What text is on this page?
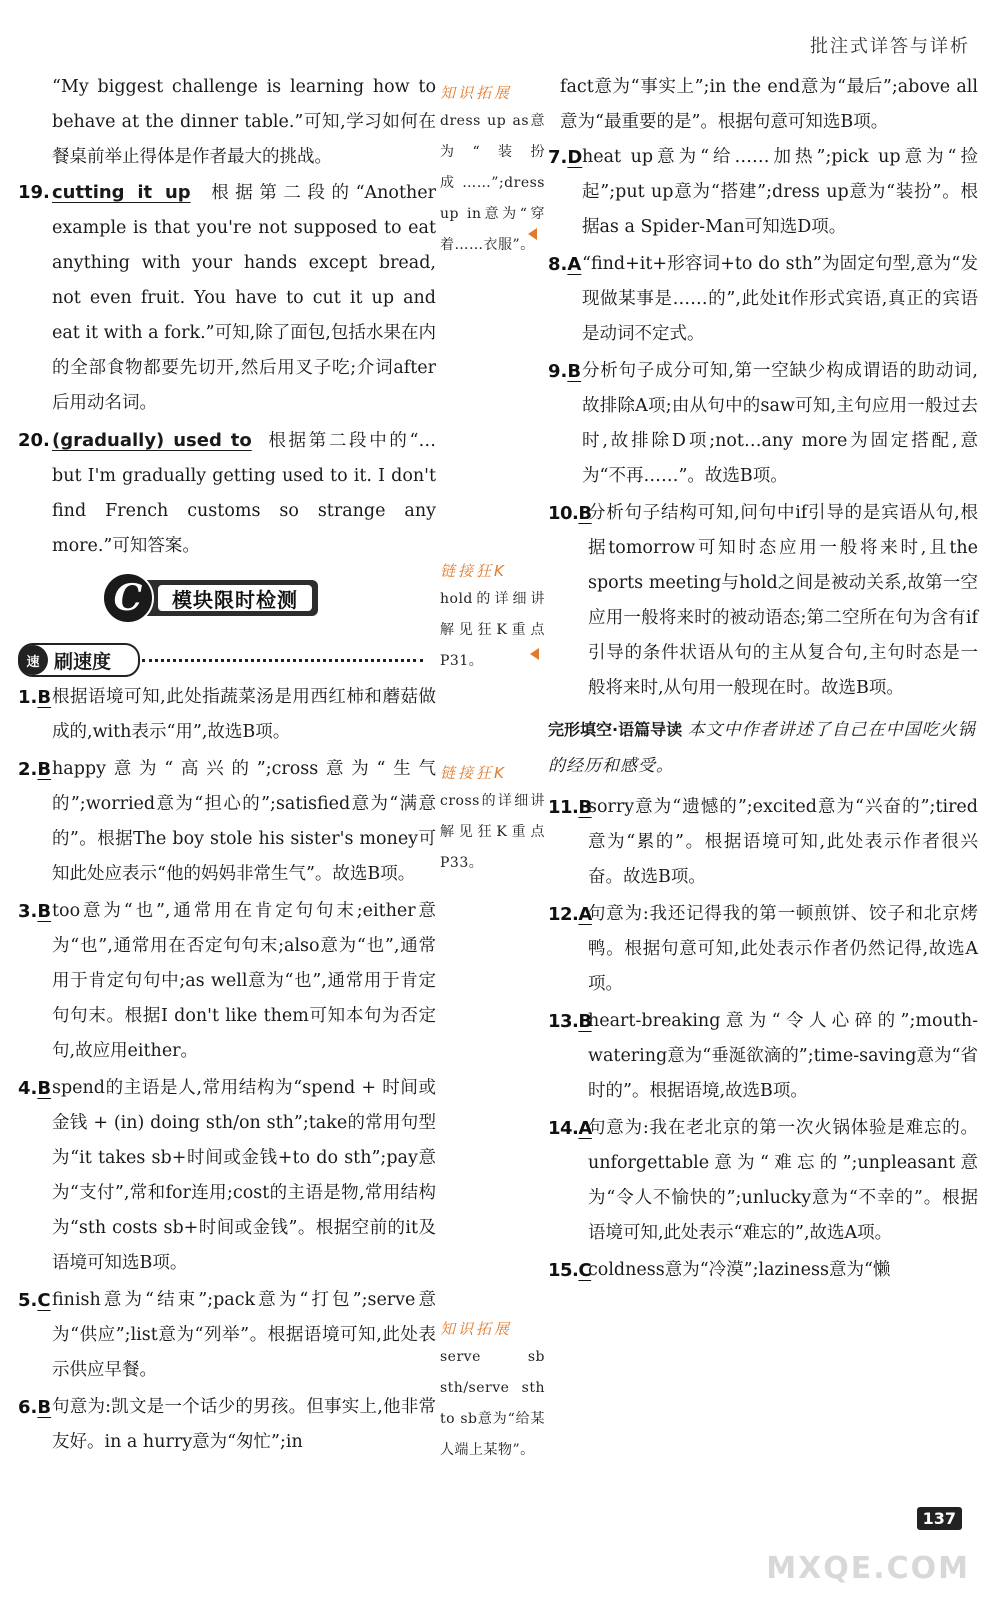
批注式详答与详析

“My biggest challenge is learning how to behave at the dinner table.”可知,学习如何在餐桌前举止得体是作者最大的挑战。

19. cutting it up 根据第二段的“Another example is that you're not supposed to eat anything with your hands except bread, not even fruit. You have to cut it up and eat it with a fork.”可知,除了面包,包括水果在内的全部食物都要先切开,然后用叉子吃;介词after后用动名词。
20. (gradually) used to 根据第二段中的“… but I'm gradually getting used to it. I don't find French customs so strange any more.”可知答案。
C	模块限时检测
速 刷速度
1.B 根据语境可知,此处指蔬菜汤是用西红柿和蘑菇做成的,with表示“用”,故选B项。
2.B happy意为“高兴的”;cross意为“生气的”;worried意为“担心的”;satisfied意为“满意的”。根据The boy stole his sister's money可知此处应表示“他的妈妈非常生气”。故选B项。
3.B too意为“也”,通常用在肯定句句末;either意为“也”,通常用在否定句句末;also意为“也”,通常用于肯定句句中;as well意为“也”,通常用于肯定句句末。根据I don't like them可知本句为否定句,故应用either。
4.B spend的主语是人,常用结构为“spend + 时间或金钱 + (in) doing sth/on sth”;take的常用句型为“it takes sb+时间或金钱+to do sth”;pay意为“支付”,常和for连用;cost的主语是物,常用结构为“sth costs sb+时间或金钱”。根据空前的it及语境可知选B项。
5.C finish意为“结束”;pack意为“打包”;serve意为“供应”;list意为“列举”。根据语境可知,此处表示供应早餐。
6.B 句意为:凯文是一个话少的男孩。但事实上,他非常友好。in a hurry意为“匆忙”;in
知识拓展
dress up as意为“装扮成……”;dress up in意为“穿着……衣服”。
链接狂K
hold的详细讲解见狂K重点P31。
链接狂K
cross的详细讲解见狂K重点P33。
知识拓展
serve sb sth/serve sth to sb意为“给某人端上某物”。

fact意为“事实上”;in the end意为“最后”;above all意为“最重要的是”。根据句意可知选B项。

7.D heat up意为“给……加热”;pick up意为“捡起”;put up意为“搭建”;dress up意为“装扮”。根据as a Spider-Man可知选D项。
8.A “find+it+形容词+to do sth”为固定句型,意为“发现做某事是……的”,此处it作形式宾语,真正的宾语是动词不定式。
9.B 分析句子成分可知,第一空缺少构成谓语的助动词,故排除A项;由从句中的saw可知,主句应用一般过去时,故排除D项;not…any more为固定搭配,意为“不再……”。故选B项。
10.B
分析句子结构可知,问句中if引导的是宾语从句,根据tomorrow可知时态应用一般将来时,且the sports meeting与hold之间是被动关系,故第一空应用一般将来时的被动语态;第二空所在句为含有if引导的条件状语从句的主从复合句,主句时态是一般将来时,从句用一般现在时。故选B项。
完形填空·语篇导读 本文中作者讲述了自己在中国吃火锅的经历和感受。
11.B
sorry意为“遗憾的”;excited意为“兴奋的”;tired意为“累的”。根据语境可知,此处表示作者很兴奋。故选B项。
12.A
句意为:我还记得我的第一顿煎饼、饺子和北京烤鸭。根据句意可知,此处表示作者仍然记得,故选A项。
13.B
heart-breaking意为“令人心碎的”;mouth-watering意为“垂涎欲滴的”;time-saving意为“省时的”。根据语境,故选B项。
14.A
句意为:我在老北京的第一次火锅体验是难忘的。unforgettable意为“难忘的”;unpleasant意为“令人不愉快的”;unlucky意为“不幸的”。根据语境可知,此处表示“难忘的”,故选A项。
15.C
coldness意为“冷漠”;laziness意为“懒
137
MXQE.COM
